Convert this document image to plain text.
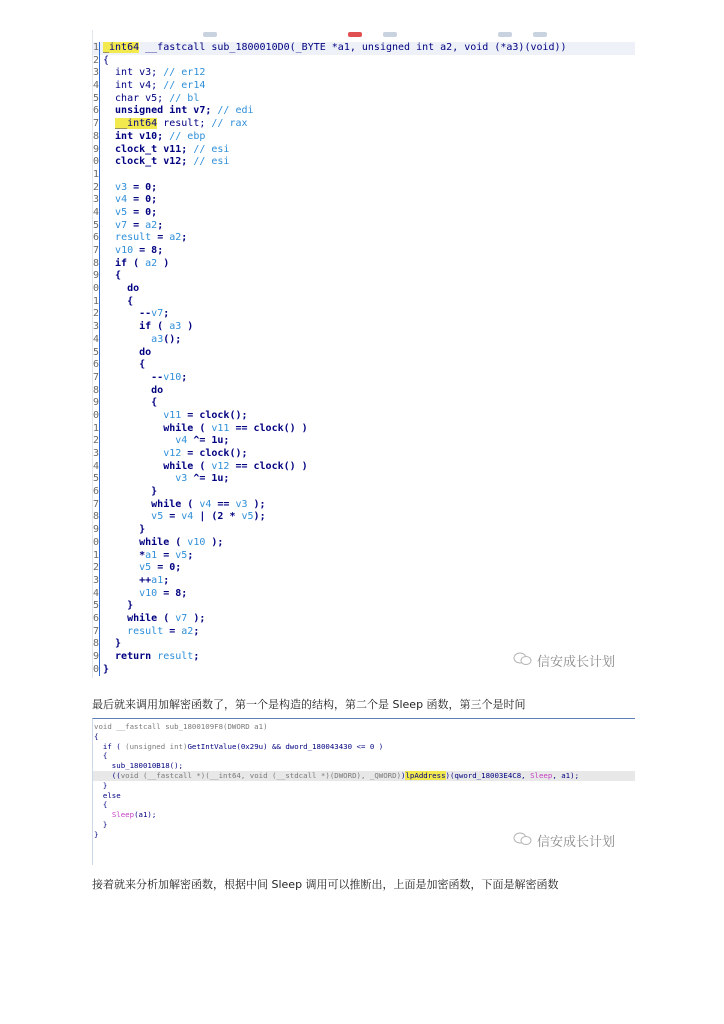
1 _int64 __fastcall sub_1800010D0(_BYTE *a1, unsigned int a2, void (*a3)(void))
2 {
3  int v3; // er12
4  int v4; // er14
5  char v5; // bl
6  unsigned int v7; // edi
7 __int64 result; // rax
8  int v10; // ebp
9  clock_t v11; // esi
0  clock_t v12; // esi
1
2 v3 = 0;
3 v4 = 0;
4 v5 = 0;
5 v7 = a2;
6 result = a2;
7 v10 = 8;
8  if ( a2 )
9  {
0    do
1    {
2      --v7;
3      if ( a3 )
4	a3();
5      do
6      {
7        --v10;
8        do
9        {
0	v11 = clock();
1          while ( v11 == clock() )
2	v4 ^= 1u;
3	v12 = clock();
4          while ( v12 == clock() )
5	v3 ^= 1u;
6        }
7        while ( v4 == v3 );
8	v5 = v4 | (2 * v5);
9      }
0      while ( v10 );
1      *a1 = v5;
2	v5 = 0;
3      ++a1;
4	v10 = 8;
5    }
6    while ( v7 );
7	result = a2;
8  }
9  return result;
0 }	信安成长计划
最后就来调用加解密函数了，第一个是构造的结构，第二个是 Sleep 函数，第三个是时间
void __fastcall sub_1800109F8(DWORD a1)
{
if ( (unsigned int)GetIntValue(0x29u) && dword_180043430 <= 0 )
{
sub_180010B18();
((void (__fastcall *)(__int64, void (__stdcall *)(DWORD), _QWORD))lpAddress)(qword_18003E4C8, Sleep, a1);
}
else
{
Sleep(a1);
}
}
信安成长计划
接着就来分析加解密函数，根据中间 Sleep 调用可以推断出，上面是加密函数，下面是解密函数
